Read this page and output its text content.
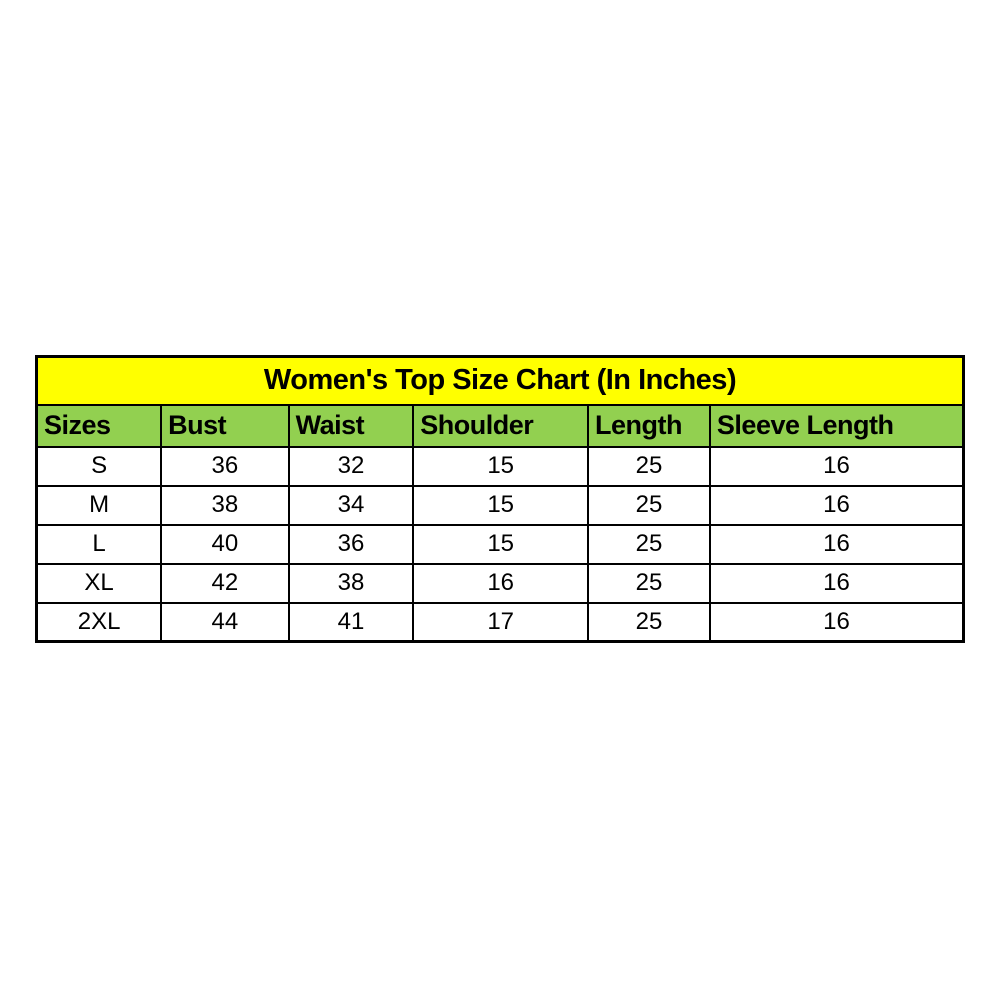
Women's Top Size Chart (In Inches)					
Sizes	Bust	Waist	Shoulder	Length	Sleeve Length
S	36	32	15	25	16
M	38	34	15	25	16
L	40	36	15	25	16
XL	42	38	16	25	16
2XL	44	41	17	25	16
